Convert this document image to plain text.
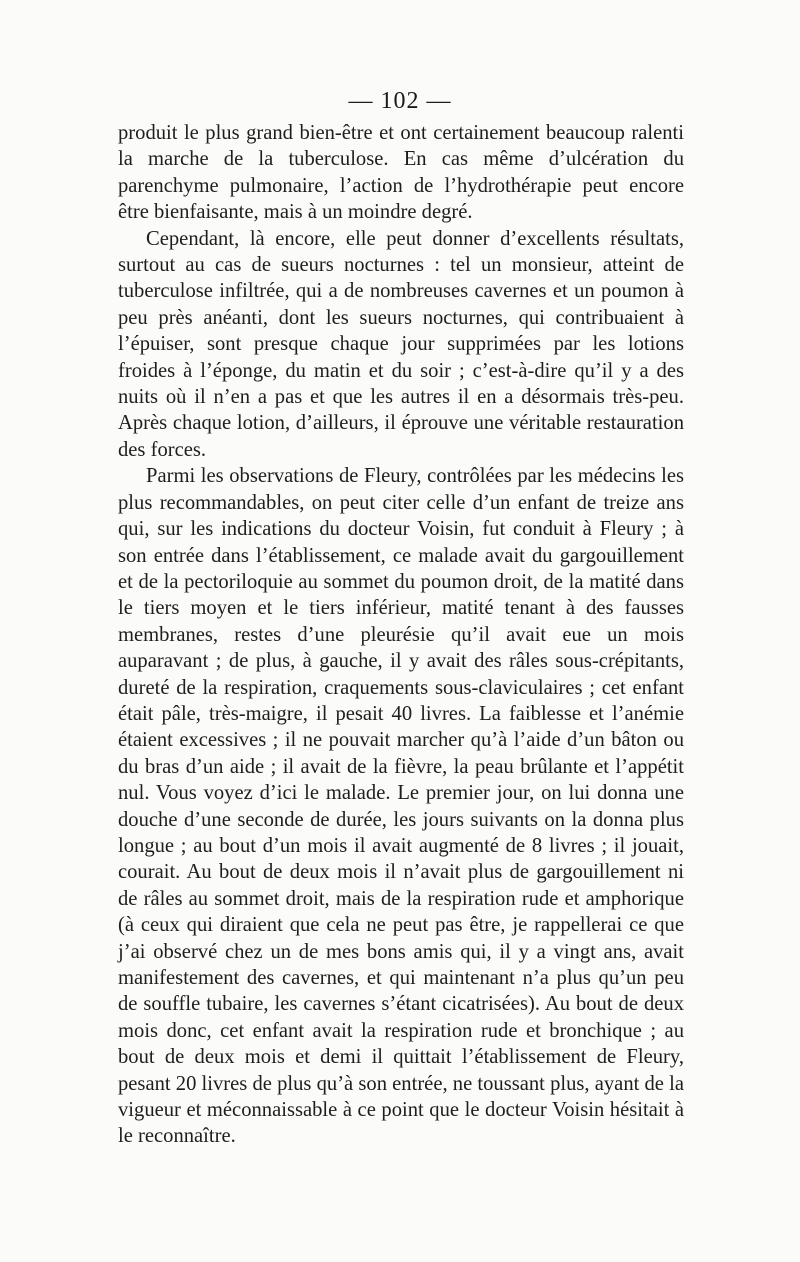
— 102 —

produit le plus grand bien-être et ont certainement beaucoup ralenti la marche de la tuberculose. En cas même d’ulcération du parenchyme pulmonaire, l’action de l’hydrothérapie peut encore être bienfaisante, mais à un moindre degré.

Cependant, là encore, elle peut donner d’excellents résultats, surtout au cas de sueurs nocturnes : tel un monsieur, atteint de tuberculose infiltrée, qui a de nombreuses cavernes et un poumon à peu près anéanti, dont les sueurs nocturnes, qui contribuaient à l’épuiser, sont presque chaque jour supprimées par les lotions froides à l’éponge, du matin et du soir ; c’est-à-dire qu’il y a des nuits où il n’en a pas et que les autres il en a désormais très-peu. Après chaque lotion, d’ailleurs, il éprouve une véritable restauration des forces.

Parmi les observations de Fleury, contrôlées par les médecins les plus recommandables, on peut citer celle d’un enfant de treize ans qui, sur les indications du docteur Voisin, fut conduit à Fleury ; à son entrée dans l’établissement, ce malade avait du gargouillement et de la pectoriloquie au sommet du poumon droit, de la matité dans le tiers moyen et le tiers inférieur, matité tenant à des fausses membranes, restes d’une pleurésie qu’il avait eue un mois auparavant ; de plus, à gauche, il y avait des râles sous-crépitants, dureté de la respiration, craquements sous-claviculaires ; cet enfant était pâle, très-maigre, il pesait 40 livres. La faiblesse et l’anémie étaient excessives ; il ne pouvait marcher qu’à l’aide d’un bâton ou du bras d’un aide ; il avait de la fièvre, la peau brûlante et l’appétit nul. Vous voyez d’ici le malade. Le premier jour, on lui donna une douche d’une seconde de durée, les jours suivants on la donna plus longue ; au bout d’un mois il avait augmenté de 8 livres ; il jouait, courait. Au bout de deux mois il n’avait plus de gargouillement ni de râles au sommet droit, mais de la respiration rude et amphorique (à ceux qui diraient que cela ne peut pas être, je rappellerai ce que j’ai observé chez un de mes bons amis qui, il y a vingt ans, avait manifestement des cavernes, et qui maintenant n’a plus qu’un peu de souffle tubaire, les cavernes s’étant cicatrisées). Au bout de deux mois donc, cet enfant avait la respiration rude et bronchique ; au bout de deux mois et demi il quittait l’établissement de Fleury, pesant 20 livres de plus qu’à son entrée, ne toussant plus, ayant de la vigueur et méconnaissable à ce point que le docteur Voisin hésitait à le reconnaître.
